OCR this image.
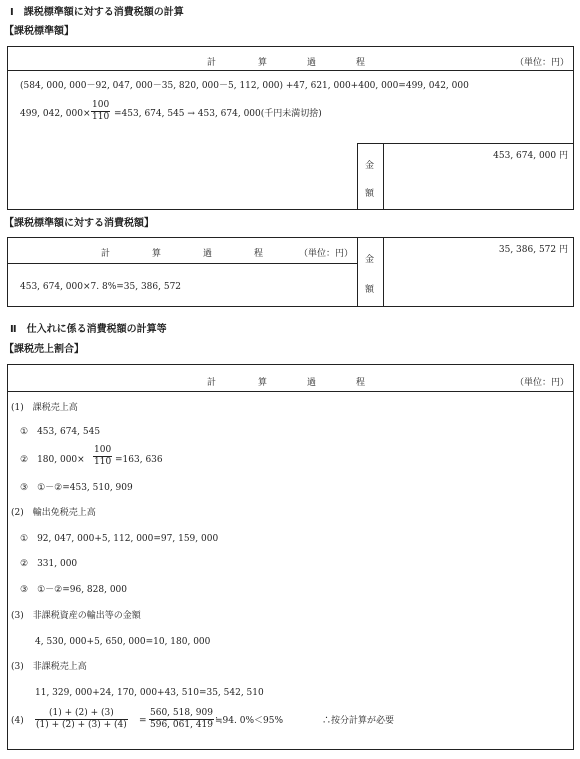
Ⅰ　課税標準額に対する消費税額の計算
【課税標準額】
計	算	過	程	（単位：円）
(584, 000, 000－92, 047, 000－35, 820, 000－5, 112, 000) +47, 621, 000+400, 000=499, 042, 000
499, 042, $000\times \frac{100}{110} =453$, 674, 545 → 453, 674, 000(千円未満切捨)
金
額
453, 674, 000 円
【課税標準額に対する消費税額】
計	算	過	程	（単位：円）
金
額
453, 674, 000×7. 8%=35, 386, 572
35, 386, 572 円
Ⅱ　仕入れに係る消費税額の計算等
【課税売上割合】
計	算	過	程	（単位：円）
(1)　課税売上高
①　453, 674, 545
②　180, $000\times \frac{100}{110} =163$, 636
③　①－②=453, 510, 909
(2)　輸出免税売上高
①　92, 047, 000+5, 112, 000=97, 159, 000
②　331, 000
③　①－②=96, 828, 000
(3)　非課税資産の輸出等の金額
4, 530, 000+5, 650, 000=10, 180, 000
(3)　非課税売上高
11, 329, 000+24, 170, 000+43, 510=35, 542, 510
$(4) \frac{(1) + (2) + (3)}{(1) + (2) + (3) + (4)} = \frac{560, 518, 909}{596, 061, 419}$ ≒94. 0%＜95%	∴按分計算が必要
